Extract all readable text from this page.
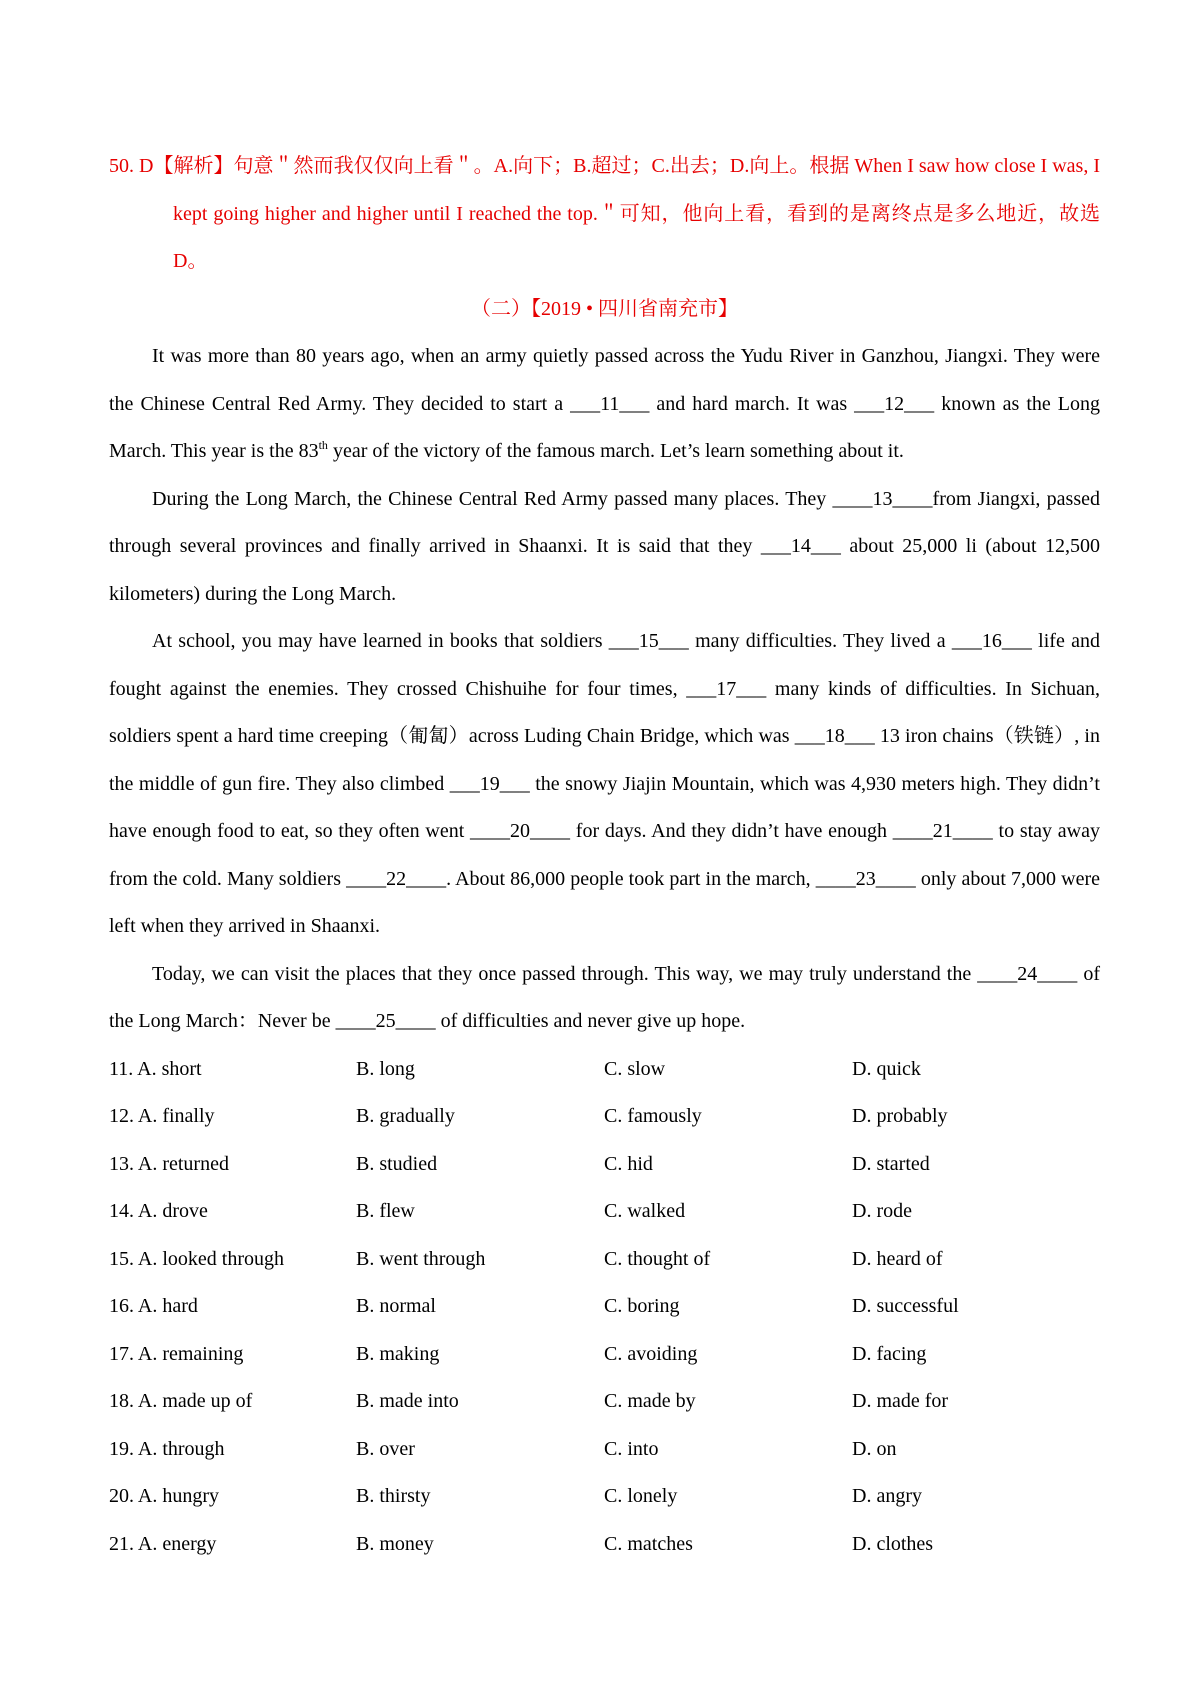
50. D【解析】句意＂然而我仅仅向上看＂。A.向下；B.超过；C.出去；D.向上。根据 When I saw how close I was, I kept going higher and higher until I reached the top.＂可知，他向上看，看到的是离终点是多么地近，故选 D。

（二）【2019 • 四川省南充市】

It was more than 80 years ago, when an army quietly passed across the Yudu River in Ganzhou, Jiangxi. They were the Chinese Central Red Army. They decided to start a ___11___ and hard march. It was ___12___ known as the Long March. This year is the 83th year of the victory of the famous march. Let’s learn something about it.

During the Long March, the Chinese Central Red Army passed many places. They ____13____from Jiangxi, passed through several provinces and finally arrived in Shaanxi. It is said that they ___14___ about 25,000 li (about 12,500 kilometers) during the Long March.

At school, you may have learned in books that soldiers ___15___ many difficulties. They lived a ___16___ life and fought against the enemies. They crossed Chishuihe for four times, ___17___ many kinds of difficulties. In Sichuan, soldiers spent a hard time creeping（匍匐）across Luding Chain Bridge, which was ___18___ 13 iron chains（铁链）, in the middle of gun fire. They also climbed ___19___ the snowy Jiajin Mountain, which was 4,930 meters high. They didn’t have enough food to eat, so they often went ____20____ for days. And they didn’t have enough ____21____ to stay away from the cold. Many soldiers ____22____. About 86,000 people took part in the march, ____23____ only about 7,000 were left when they arrived in Shaanxi.

Today, we can visit the places that they once passed through. This way, we may truly understand the ____24____ of the Long March：Never be ____25____ of difficulties and never give up hope.

11. A. short	B. long	C. slow	D. quick
12. A. finally	B. gradually	C. famously	D. probably
13. A. returned	B. studied	C. hid	D. started
14. A. drove	B. flew	C. walked	D. rode
15. A. looked through	B. went through	C. thought of	D. heard of
16. A. hard	B. normal	C. boring	D. successful
17. A. remaining	B. making	C. avoiding	D. facing
18. A. made up of	B. made into	C. made by	D. made for
19. A. through	B. over	C. into	D. on
20. A. hungry	B. thirsty	C. lonely	D. angry
21. A. energy	B. money	C. matches	D. clothes
